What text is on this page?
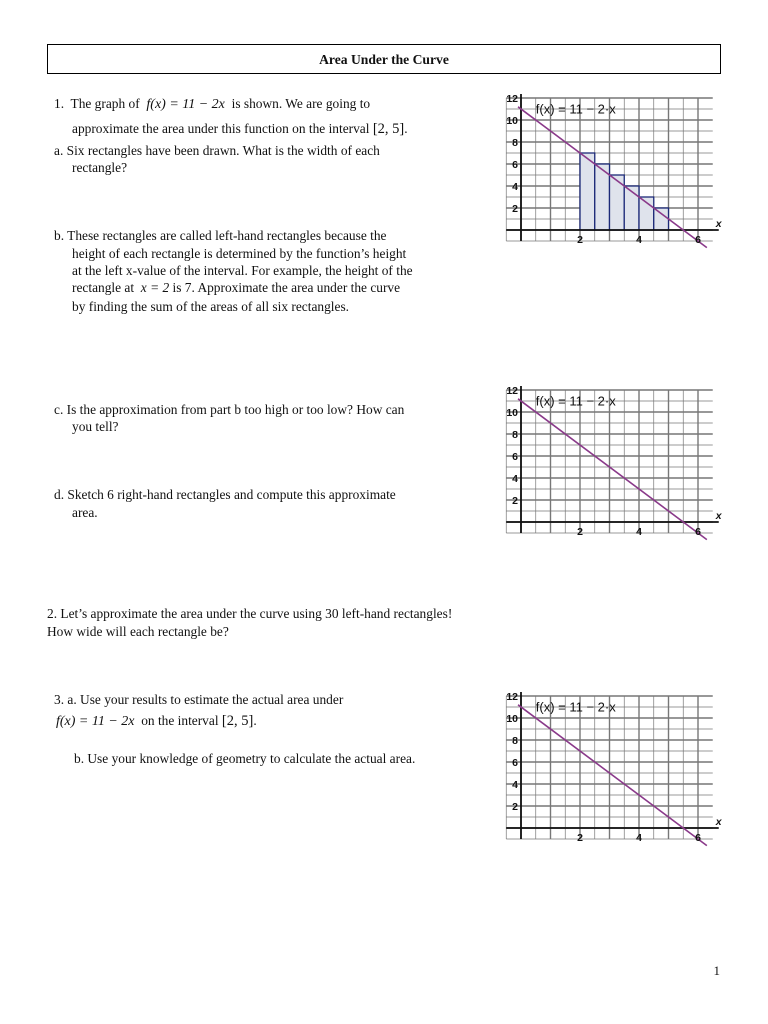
Area Under the Curve
1. The graph of f(x) = 11 − 2x is shown. We are going to
approximate the area under this function on the interval [2, 5].
a. Six rectangles have been drawn. What is the width of each
rectangle?
b. These rectangles are called left-hand rectangles because the
height of each rectangle is determined by the function’s height
at the left x-value of the interval. For example, the height of the
rectangle at x = 2 is 7. Approximate the area under the curve
by finding the sum of the areas of all six rectangles.
c. Is the approximation from part b too high or too low? How can
you tell?
d. Sketch 6 right-hand rectangles and compute this approximate
area.
2. Let’s approximate the area under the curve using 30 left-hand rectangles!
How wide will each rectangle be?
3. a. Use your results to estimate the actual area under
f(x) = 11 − 2x on the interval [2, 5].
b. Use your knowledge of geometry to calculate the actual area.
12
10
8
6
4
2
2	4	6
x
f(x) = 11 − 2·x
12
10
8
6
4
2
2	4	6
x
f(x) = 11 − 2·x
12
10
8
6
4
2
2	4	6
x
f(x) = 11 − 2·x
1
